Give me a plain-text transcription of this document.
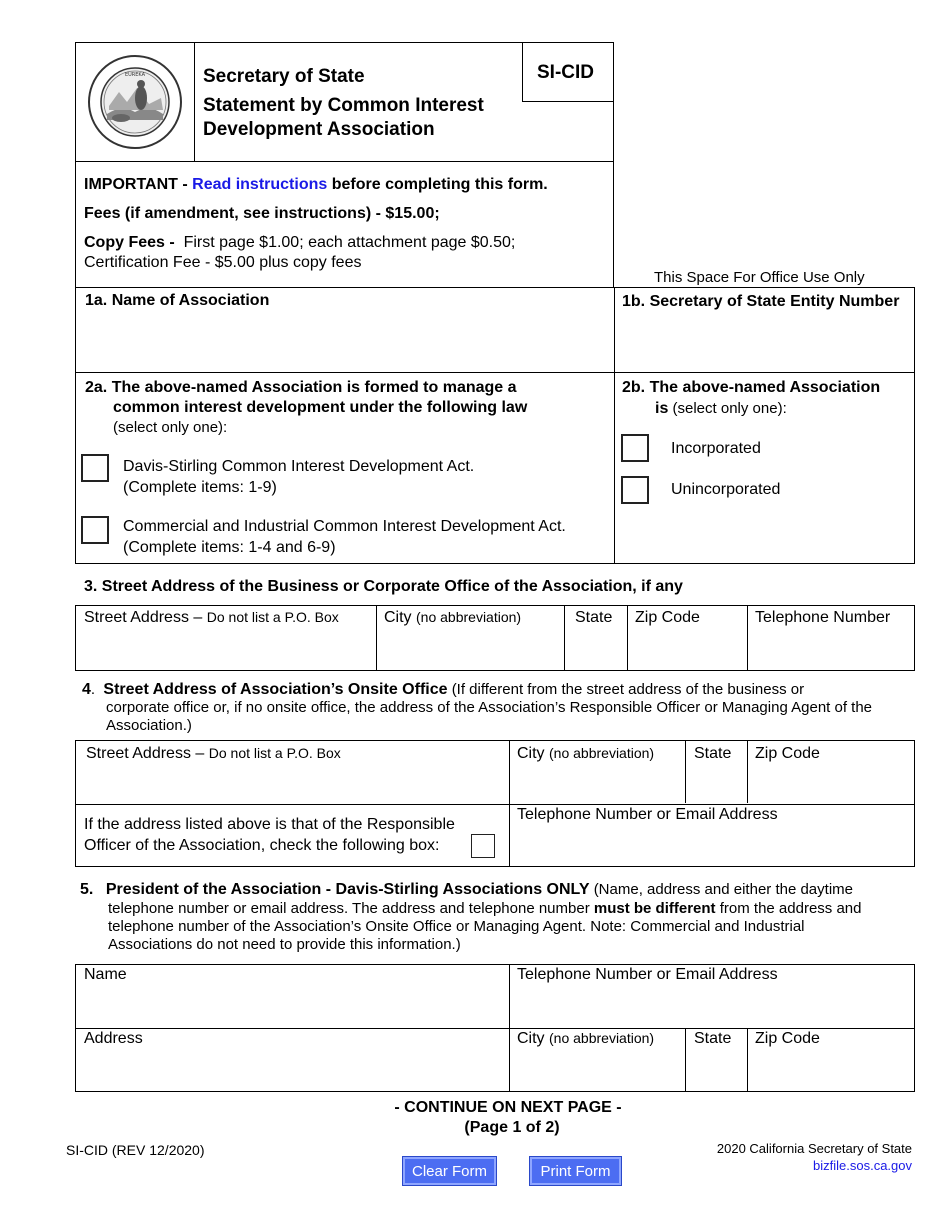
EUREKA	Secretary of State
Statement by Common Interest
Development Association
SI-CID
IMPORTANT - Read instructions before completing this form.
Fees (if amendment, see instructions) - $15.00;
Copy Fees - First page $1.00; each attachment page $0.50;
Certification Fee - $5.00 plus copy fees
This Space For Office Use Only
1a. Name of Association	1b. Secretary of State Entity Number
2a. The above-named Association is formed to manage a
common interest development under the following law
(select only one):
Davis-Stirling Common Interest Development Act.
(Complete items: 1-9)
Commercial and Industrial Common Interest Development Act.
(Complete items: 1-4 and 6-9)
2b. The above-named Association
is (select only one):
Incorporated
Unincorporated
3. Street Address of the Business or Corporate Office of the Association, if any
Street Address – Do not list a P.O. Box	City (no abbreviation)	State Zip Code	Telephone Number
4.  Street Address of Association’s Onsite Office (If different from the street address of the business or
corporate office or, if no onsite office, the address of the Association’s Responsible Officer or Managing Agent of the
Association.)
Street Address – Do not list a P.O. Box	City (no abbreviation) State Zip Code
If the address listed above is that of the Responsible
Officer of the Association, check the following box:
Telephone Number or Email Address
5. President of the Association - Davis-Stirling Associations ONLY (Name, address and either the daytime
telephone number or email address. The address and telephone number must be different from the address and
telephone number of the Association’s Onsite Office or Managing Agent. Note: Commercial and Industrial
Associations do not need to provide this information.)
Name	Telephone Number or Email Address
Address	City (no abbreviation) State Zip Code
- CONTINUE ON NEXT PAGE -
(Page 1 of 2)
SI-CID (REV 12/2020)	2020 California Secretary of State
bizfile.sos.ca.gov
Clear Form	Print Form
